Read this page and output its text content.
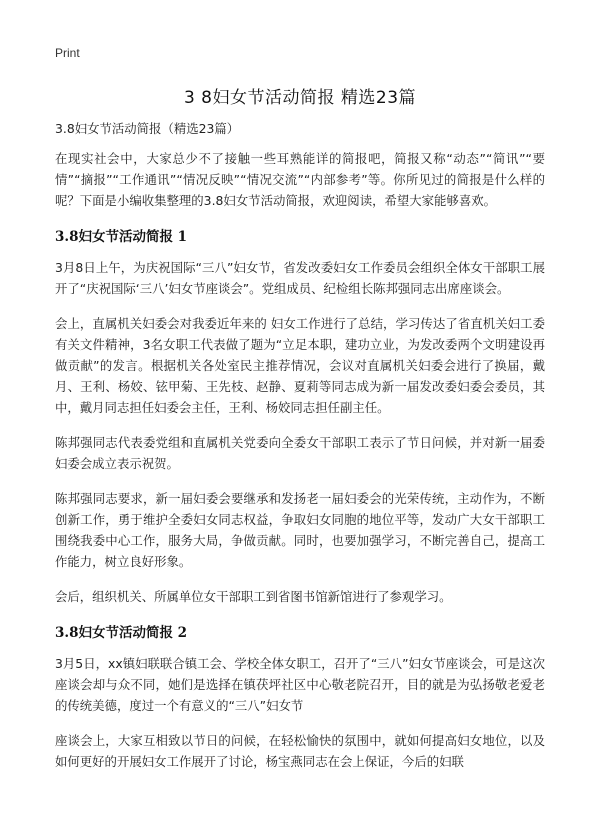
Print
3 8妇女节活动简报 精选23篇

3.8妇女节活动简报（精选23篇）

在现实社会中，大家总少不了接触一些耳熟能详的简报吧，简报又称“动态”“简讯”“要情”“摘报”“工作通讯”“情况反映”“情况交流”“内部参考”等。你所见过的简报是什么样的呢？下面是小编收集整理的3.8妇女节活动简报，欢迎阅读，希望大家能够喜欢。

3.8妇女节活动简报 1

3月8日上午，为庆祝国际“三八”妇女节，省发改委妇女工作委员会组织全体女干部职工展开了“庆祝国际‘三八’妇女节座谈会”。党组成员、纪检组长陈邦强同志出席座谈会。

会上，直属机关妇委会对我委近年来的 妇女工作进行了总结，学习传达了省直机关妇工委有关文件精神，3名女职工代表做了题为“立足本职，建功立业，为发改委两个文明建设再做贡献”的发言。根据机关各处室民主推荐情况，会议对直属机关妇委会进行了换届，戴月、王利、杨姣、铉甲菊、王先枝、赵静、夏莉等同志成为新一届发改委妇委会委员，其中，戴月同志担任妇委会主任，王利、杨姣同志担任副主任。

陈邦强同志代表委党组和直属机关党委向全委女干部职工表示了节日问候，并对新一届委妇委会成立表示祝贺。

陈邦强同志要求，新一届妇委会要继承和发扬老一届妇委会的光荣传统，主动作为，不断创新工作，勇于维护全委妇女同志权益，争取妇女同胞的地位平等，发动广大女干部职工围绕我委中心工作，服务大局，争做贡献。同时，也要加强学习，不断完善自己，提高工作能力，树立良好形象。

会后，组织机关、所属单位女干部职工到省图书馆新馆进行了参观学习。

3.8妇女节活动简报 2

3月5日，xx镇妇联联合镇工会、学校全体女职工，召开了“三八”妇女节座谈会，可是这次座谈会却与众不同，她们是选择在镇茯坪社区中心敬老院召开，目的就是为弘扬敬老爱老的传统美德，度过一个有意义的“三八”妇女节

座谈会上，大家互相致以节日的问候，在轻松愉快的氛围中，就如何提高妇女地位，以及如何更好的开展妇女工作展开了讨论，杨宝燕同志在会上保证，今后的妇联
